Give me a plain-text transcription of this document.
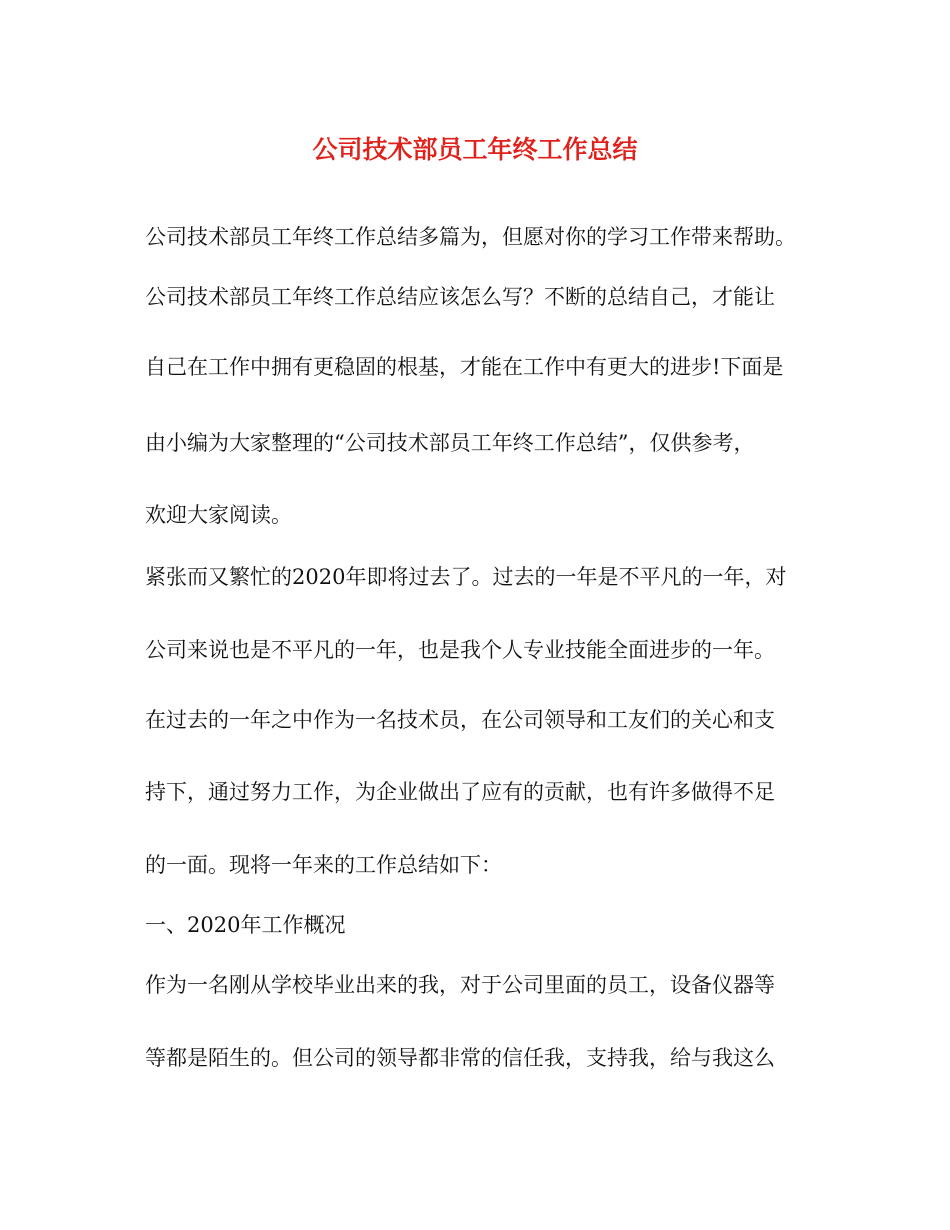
公司技术部员工年终工作总结
公司技术部员工年终工作总结多篇为，但愿对你的学习工作带来帮助。
公司技术部员工年终工作总结应该怎么写？不断的总结自己，才能让
自己在工作中拥有更稳固的根基，才能在工作中有更大的进步!下面是
由小编为大家整理的“公司技术部员工年终工作总结”，仅供参考，
欢迎大家阅读。
紧张而又繁忙的2020年即将过去了。过去的一年是不平凡的一年，对
公司来说也是不平凡的一年，也是我个人专业技能全面进步的一年。
在过去的一年之中作为一名技术员，在公司领导和工友们的关心和支
持下，通过努力工作，为企业做出了应有的贡献，也有许多做得不足
的一面。现将一年来的工作总结如下：
一、2020年工作概况
作为一名刚从学校毕业出来的我，对于公司里面的员工，设备仪器等
等都是陌生的。但公司的领导都非常的信任我，支持我，给与我这么
